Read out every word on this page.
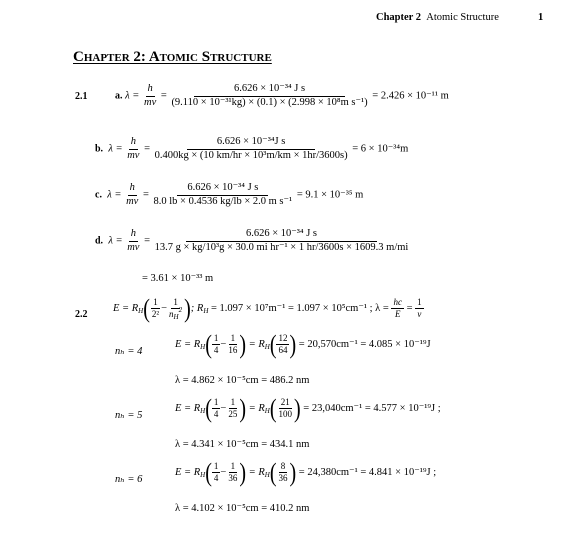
Chapter 2 Atomic Structure	1
Chapter 2: Atomic Structure
2.1	a. $\lambda = \frac{h}{mv} = \frac{\text{6.626 × 10⁻³⁴ J s}}{\text{(9.110 × 10⁻³¹kg) × (0.1) × (2.998 × 10⁸m s⁻¹)}} = 2.426 \times 10^{-11}$ m
b. $\lambda = \frac{h}{mv} = \frac{\text{6.626 × 10⁻³⁴J s}}{\text{0.400kg × (10 km/hr × 10³m/km × 1hr/3600s)}} = 6 \times 10^{-34}m$
c. $\lambda = \frac{h}{mv} = \frac{\text{6.626 × 10⁻³⁴ J s}}{\text{8.0 lb × 0.4536 kg/lb × 2.0 m s⁻¹}} = 9.1 \times 10^{-35}$ m
d. $\lambda = \frac{h}{mv} = \frac{\text{6.626 × 10⁻³⁴ J s}}{\text{13.7 g × kg/10³g × 30.0 mi hr⁻¹ × 1 hr/3600s × 1609.3 m/mi}}$
= 3.61 × 10⁻³³ m
2.2
$E = R_H( \frac{1}{\text{2²}} - \frac{1}{n_H^2}$ ); $R_H = 1.097 \times 10^7m^{-1} = 1.097 \times 10^5cm^{-1}$ ; $\lambda = \frac{hc}{E} = \frac{1}{\nu}$
nₕ = 4
$E = R_H( \frac{1}{4} - \frac{1}{16}$ ) = $R_H( \frac{12}{64}$ ) = 20,570cm⁻¹ = 4.085 × 10⁻¹⁹J
λ = 4.862 × 10⁻⁵cm = 486.2 nm
nₕ = 5
$E = R_H( \frac{1}{4} - \frac{1}{25}$ ) = $R_H( \frac{21}{100}$ ) = 23,040cm⁻¹ = 4.577 × 10⁻¹⁹J ;
λ = 4.341 × 10⁻⁵cm = 434.1 nm
nₕ = 6
$E = R_H( \frac{1}{4} - \frac{1}{36}$ ) = $R_H( \frac{8}{36}$ ) = 24,380cm⁻¹ = 4.841 × 10⁻¹⁹J ;
λ = 4.102 × 10⁻⁵cm = 410.2 nm
